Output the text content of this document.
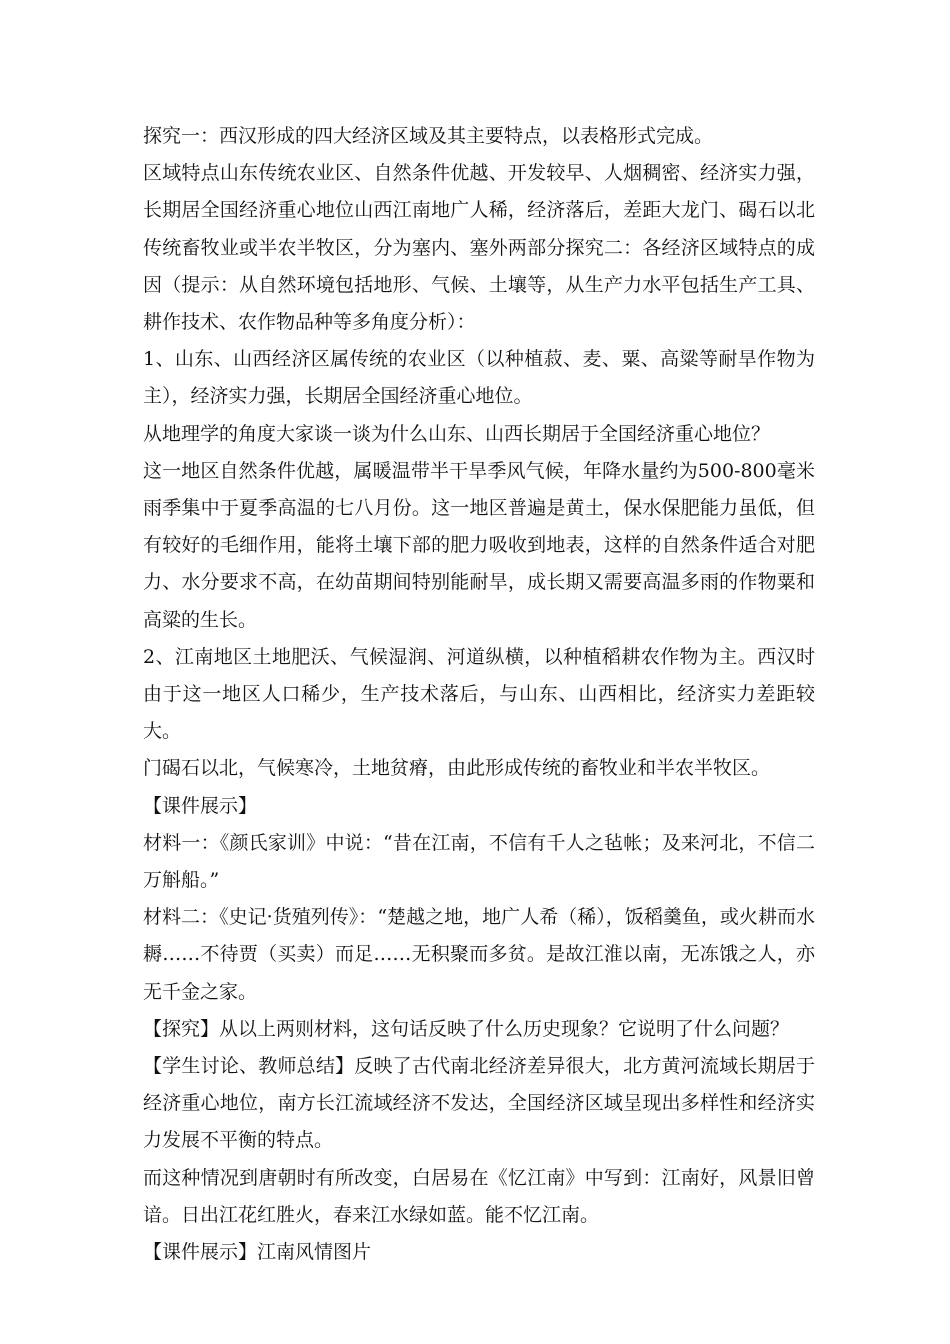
探究一：西汉形成的四大经济区域及其主要特点，以表格形式完成。

区域特点山东传统农业区、自然条件优越、开发较早、人烟稠密、经济实力强，长期居全国经济重心地位山西江南地广人稀，经济落后，差距大龙门、碣石以北传统畜牧业或半农半牧区，分为塞内、塞外两部分探究二：各经济区域特点的成因（提示：从自然环境包括地形、气候、土壤等，从生产力水平包括生产工具、耕作技术、农作物品种等多角度分析）：

1、山东、山西经济区属传统的农业区（以种植菽、麦、粟、高粱等耐旱作物为主），经济实力强，长期居全国经济重心地位。

从地理学的角度大家谈一谈为什么山东、山西长期居于全国经济重心地位？

这一地区自然条件优越，属暖温带半干旱季风气候，年降水量约为500-800毫米雨季集中于夏季高温的七八月份。这一地区普遍是黄土，保水保肥能力虽低，但有较好的毛细作用，能将土壤下部的肥力吸收到地表，这样的自然条件适合对肥力、水分要求不高，在幼苗期间特别能耐旱，成长期又需要高温多雨的作物粟和高粱的生长。

2、江南地区土地肥沃、气候湿润、河道纵横，以种植稻耕农作物为主。西汉时由于这一地区人口稀少，生产技术落后，与山东、山西相比，经济实力差距较大。

门碣石以北，气候寒冷，土地贫瘠，由此形成传统的畜牧业和半农半牧区。

【课件展示】

材料一：《颜氏家训》中说：“昔在江南，不信有千人之毡帐；及来河北，不信二万斛船。”

材料二：《史记·货殖列传》：“楚越之地，地广人希（稀），饭稻羹鱼，或火耕而水耨……不待贾（买卖）而足……无积聚而多贫。是故江淮以南，无冻饿之人，亦无千金之家。

【探究】从以上两则材料，这句话反映了什么历史现象？它说明了什么问题？

【学生讨论、教师总结】反映了古代南北经济差异很大，北方黄河流域长期居于经济重心地位，南方长江流域经济不发达，全国经济区域呈现出多样性和经济实力发展不平衡的特点。

而这种情况到唐朝时有所改变，白居易在《忆江南》中写到：江南好，风景旧曾谙。日出江花红胜火，春来江水绿如蓝。能不忆江南。

【课件展示】江南风情图片
